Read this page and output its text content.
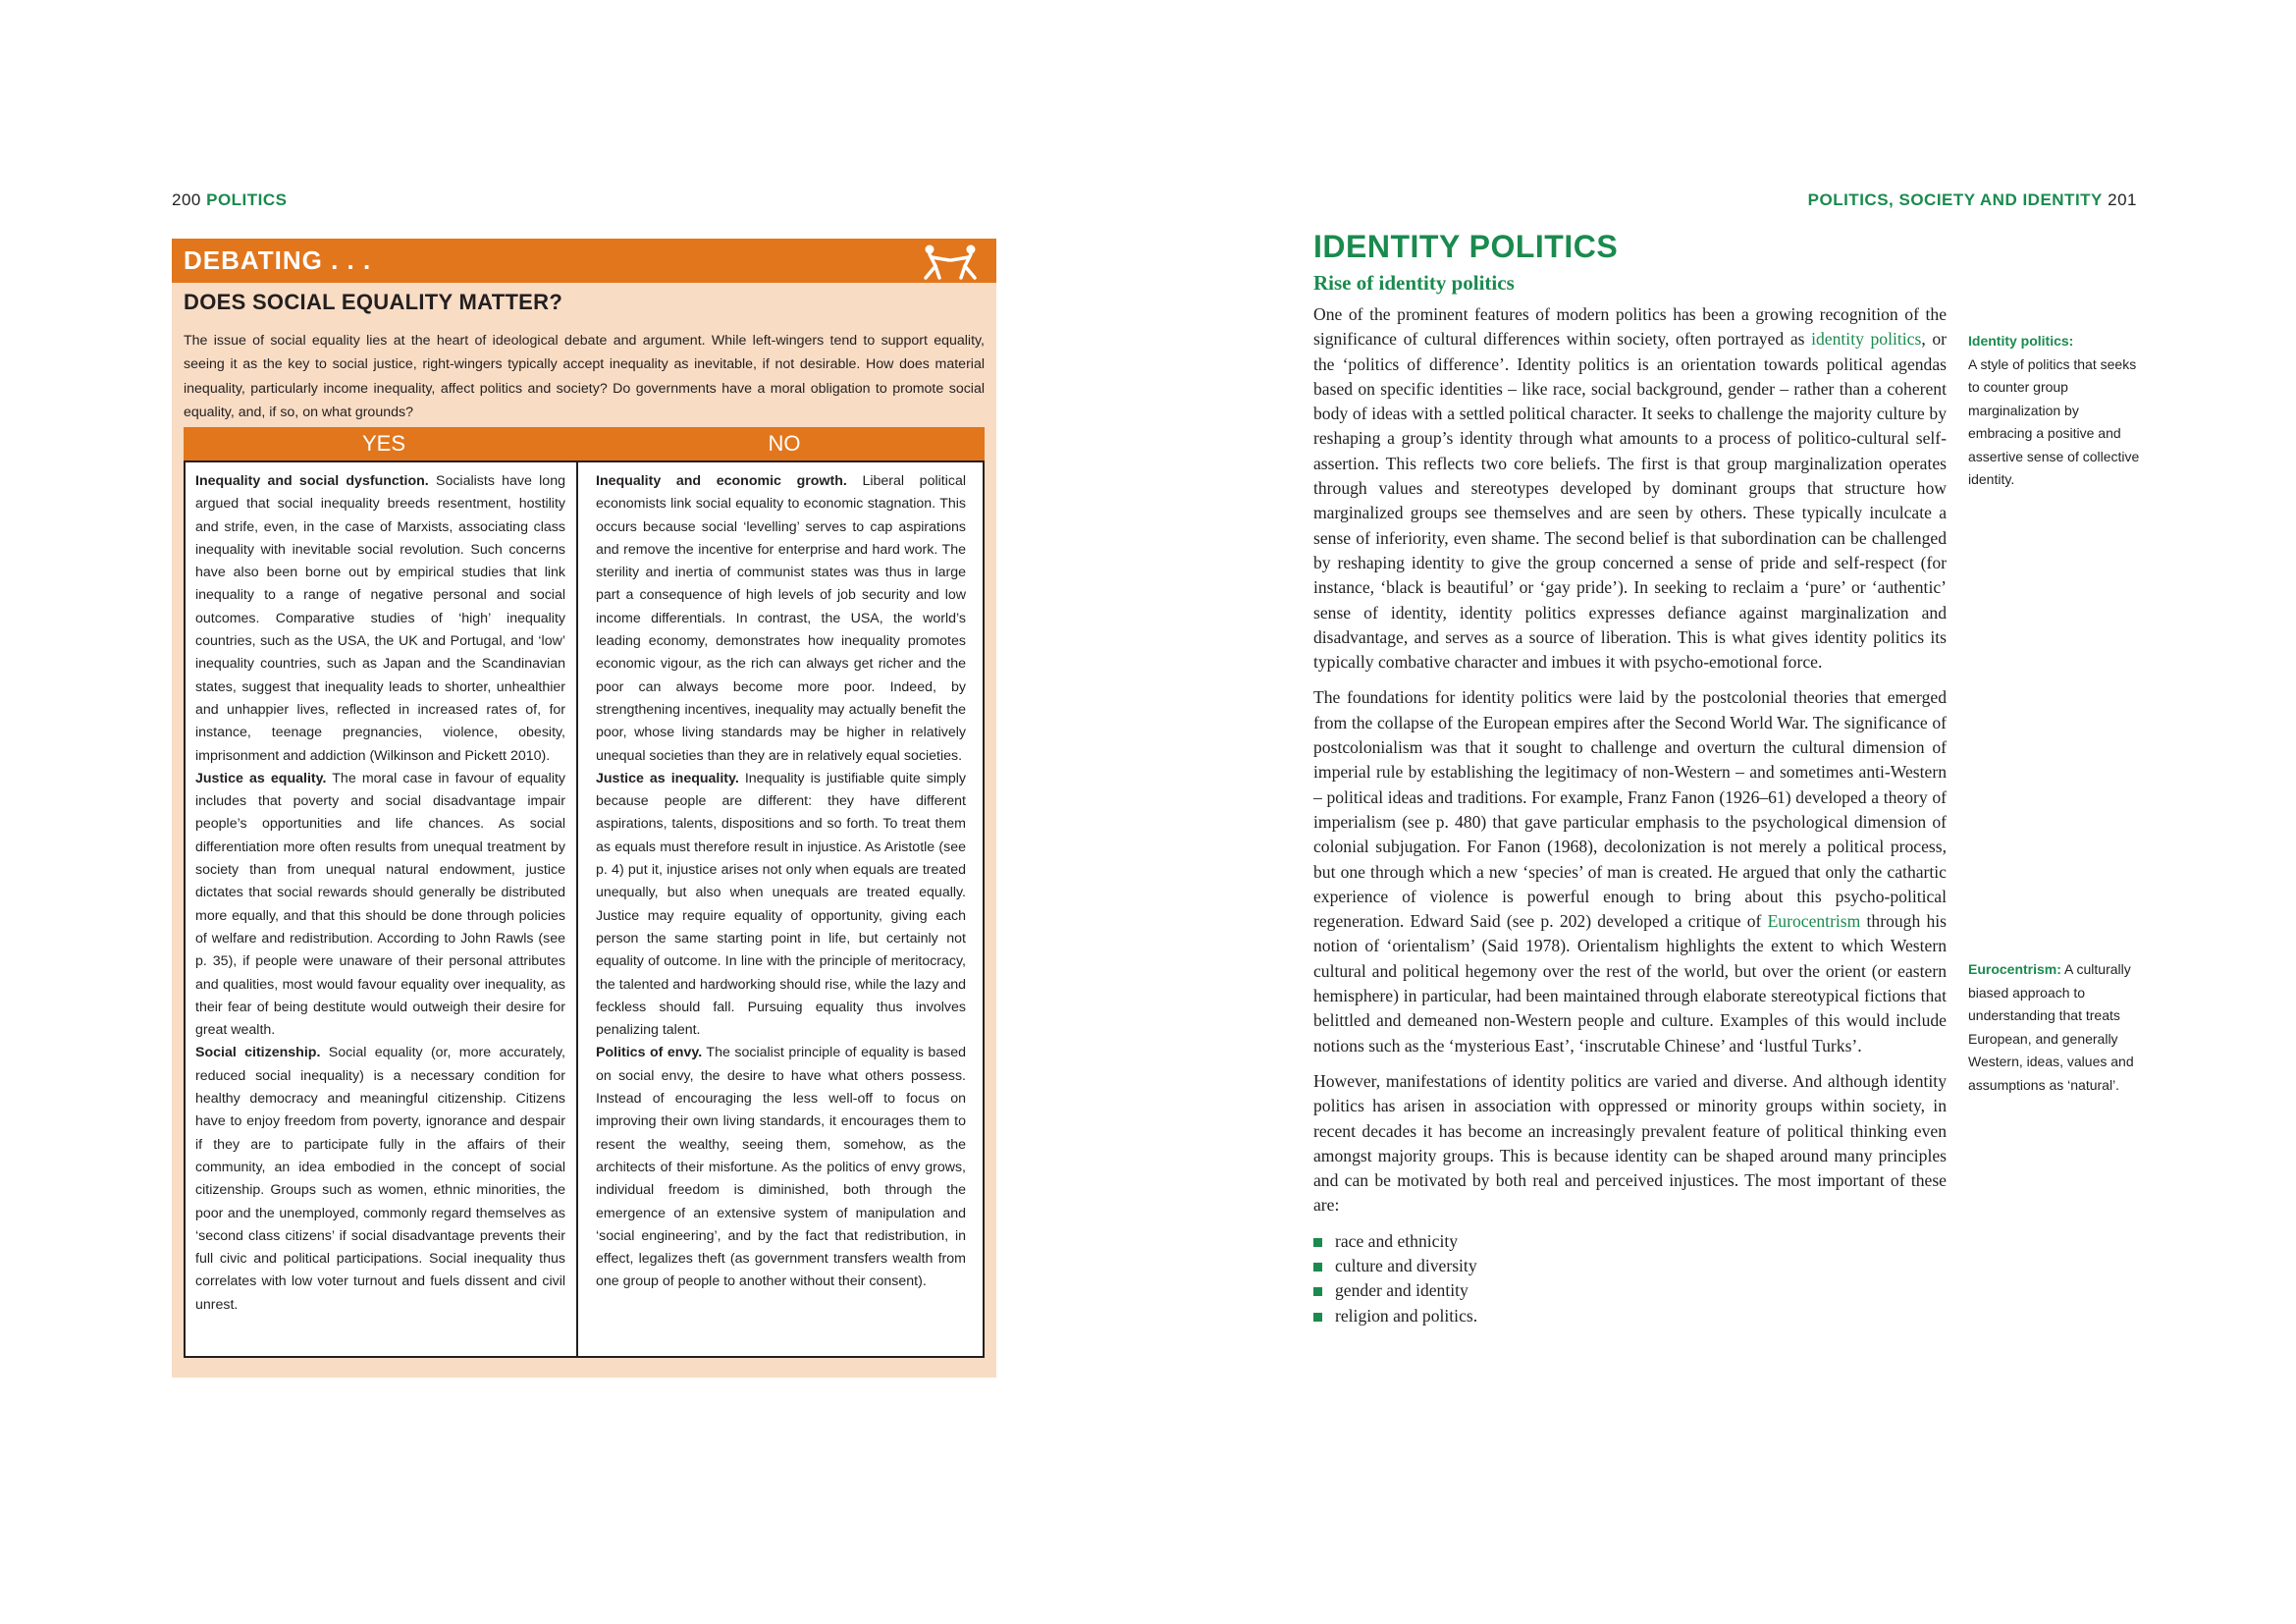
200 POLITICS	POLITICS, SOCIETY AND IDENTITY 201
DEBATING . . .
DOES SOCIAL EQUALITY MATTER?
The issue of social equality lies at the heart of ideological debate and argument. While left-wingers tend to support equality, seeing it as the key to social justice, right-wingers typically accept inequality as inevitable, if not desirable. How does material inequality, particularly income inequality, affect politics and society? Do governments have a moral obligation to promote social equality, and, if so, on what grounds?
YES	NO

Inequality and social dysfunction. Socialists have long argued that social inequality breeds resentment, hostility and strife, even, in the case of Marxists, associating class inequality with inevitable social revolution. Such concerns have also been borne out by empirical studies that link inequality to a range of negative personal and social outcomes. Comparative studies of ‘high’ inequality countries, such as the USA, the UK and Portugal, and ‘low’ inequality countries, such as Japan and the Scandinavian states, suggest that inequality leads to shorter, unhealthier and unhappier lives, reflected in increased rates of, for instance, teenage pregnancies, violence, obesity, imprisonment and addiction (Wilkinson and Pickett 2010).

Justice as equality. The moral case in favour of equality includes that poverty and social disadvantage impair people’s opportunities and life chances. As social differentiation more often results from unequal treatment by society than from unequal natural endowment, justice dictates that social rewards should generally be distributed more equally, and that this should be done through policies of welfare and redistribution. According to John Rawls (see p. 35), if people were unaware of their personal attributes and qualities, most would favour equality over inequality, as their fear of being destitute would outweigh their desire for great wealth.

Social citizenship. Social equality (or, more accurately, reduced social inequality) is a necessary condition for healthy democracy and meaningful citizenship. Citizens have to enjoy freedom from poverty, ignorance and despair if they are to participate fully in the affairs of their community, an idea embodied in the concept of social citizenship. Groups such as women, ethnic minorities, the poor and the unemployed, commonly regard themselves as ‘second class citizens’ if social disadvantage prevents their full civic and political participations. Social inequality thus correlates with low voter turnout and fuels dissent and civil unrest.

Inequality and economic growth. Liberal political economists link social equality to economic stagnation. This occurs because social ‘levelling’ serves to cap aspirations and remove the incentive for enterprise and hard work. The sterility and inertia of communist states was thus in large part a consequence of high levels of job security and low income differentials. In contrast, the USA, the world’s leading economy, demonstrates how inequality promotes economic vigour, as the rich can always get richer and the poor can always become more poor. Indeed, by strengthening incentives, inequality may actually benefit the poor, whose living standards may be higher in relatively unequal societies than they are in relatively equal societies.

Justice as inequality. Inequality is justifiable quite simply because people are different: they have different aspirations, talents, dispositions and so forth. To treat them as equals must therefore result in injustice. As Aristotle (see p. 4) put it, injustice arises not only when equals are treated unequally, but also when unequals are treated equally. Justice may require equality of opportunity, giving each person the same starting point in life, but certainly not equality of outcome. In line with the principle of meritocracy, the talented and hardworking should rise, while the lazy and feckless should fall. Pursuing equality thus involves penalizing talent.

Politics of envy. The socialist principle of equality is based on social envy, the desire to have what others possess. Instead of encouraging the less well-off to focus on improving their own living standards, it encourages them to resent the wealthy, seeing them, somehow, as the architects of their misfortune. As the politics of envy grows, individual freedom is diminished, both through the emergence of an extensive system of manipulation and ‘social engineering’, and by the fact that redistribution, in effect, legalizes theft (as government transfers wealth from one group of people to another without their consent).

IDENTITY POLITICS
Rise of identity politics

One of the prominent features of modern politics has been a growing recognition of the significance of cultural differences within society, often portrayed as identity politics, or the ‘politics of difference’. Identity politics is an orientation towards political agendas based on specific identities – like race, social background, gender – rather than a coherent body of ideas with a settled political character. It seeks to challenge the majority culture by reshaping a group’s identity through what amounts to a process of politico-cultural self-assertion. This reflects two core beliefs. The first is that group marginalization operates through values and stereotypes developed by dominant groups that structure how marginalized groups see themselves and are seen by others. These typically inculcate a sense of inferiority, even shame. The second belief is that subordination can be challenged by reshaping identity to give the group concerned a sense of pride and self-respect (for instance, ‘black is beautiful’ or ‘gay pride’). In seeking to reclaim a ‘pure’ or ‘authentic’ sense of identity, identity politics expresses defiance against marginalization and disadvantage, and serves as a source of liberation. This is what gives identity politics its typically combative character and imbues it with psycho-emotional force.

The foundations for identity politics were laid by the postcolonial theories that emerged from the collapse of the European empires after the Second World War. The significance of postcolonialism was that it sought to challenge and overturn the cultural dimension of imperial rule by establishing the legitimacy of non-Western – and sometimes anti-Western – political ideas and traditions. For example, Franz Fanon (1926–61) developed a theory of imperialism (see p. 480) that gave particular emphasis to the psychological dimension of colonial subjugation. For Fanon (1968), decolonization is not merely a political process, but one through which a new ‘species’ of man is created. He argued that only the cathartic experience of violence is powerful enough to bring about this psycho-political regeneration. Edward Said (see p. 202) developed a critique of Eurocentrism through his notion of ‘orientalism’ (Said 1978). Orientalism highlights the extent to which Western cultural and political hegemony over the rest of the world, but over the orient (or eastern hemisphere) in particular, had been maintained through elaborate stereotypical fictions that belittled and demeaned non-Western people and culture. Examples of this would include notions such as the ‘mysterious East’, ‘inscrutable Chinese’ and ‘lustful Turks’.

However, manifestations of identity politics are varied and diverse. And although identity politics has arisen in association with oppressed or minority groups within society, in recent decades it has become an increasingly prevalent feature of political thinking even amongst majority groups. This is because identity can be shaped around many principles and can be motivated by both real and perceived injustices. The most important of these are:

race and ethnicity
culture and diversity
gender and identity
religion and politics.
Identity politics:
A style of politics that seeks to counter group marginalization by embracing a positive and assertive sense of collective identity.
Eurocentrism: A culturally biased approach to understanding that treats European, and generally Western, ideas, values and assumptions as ‘natural’.
